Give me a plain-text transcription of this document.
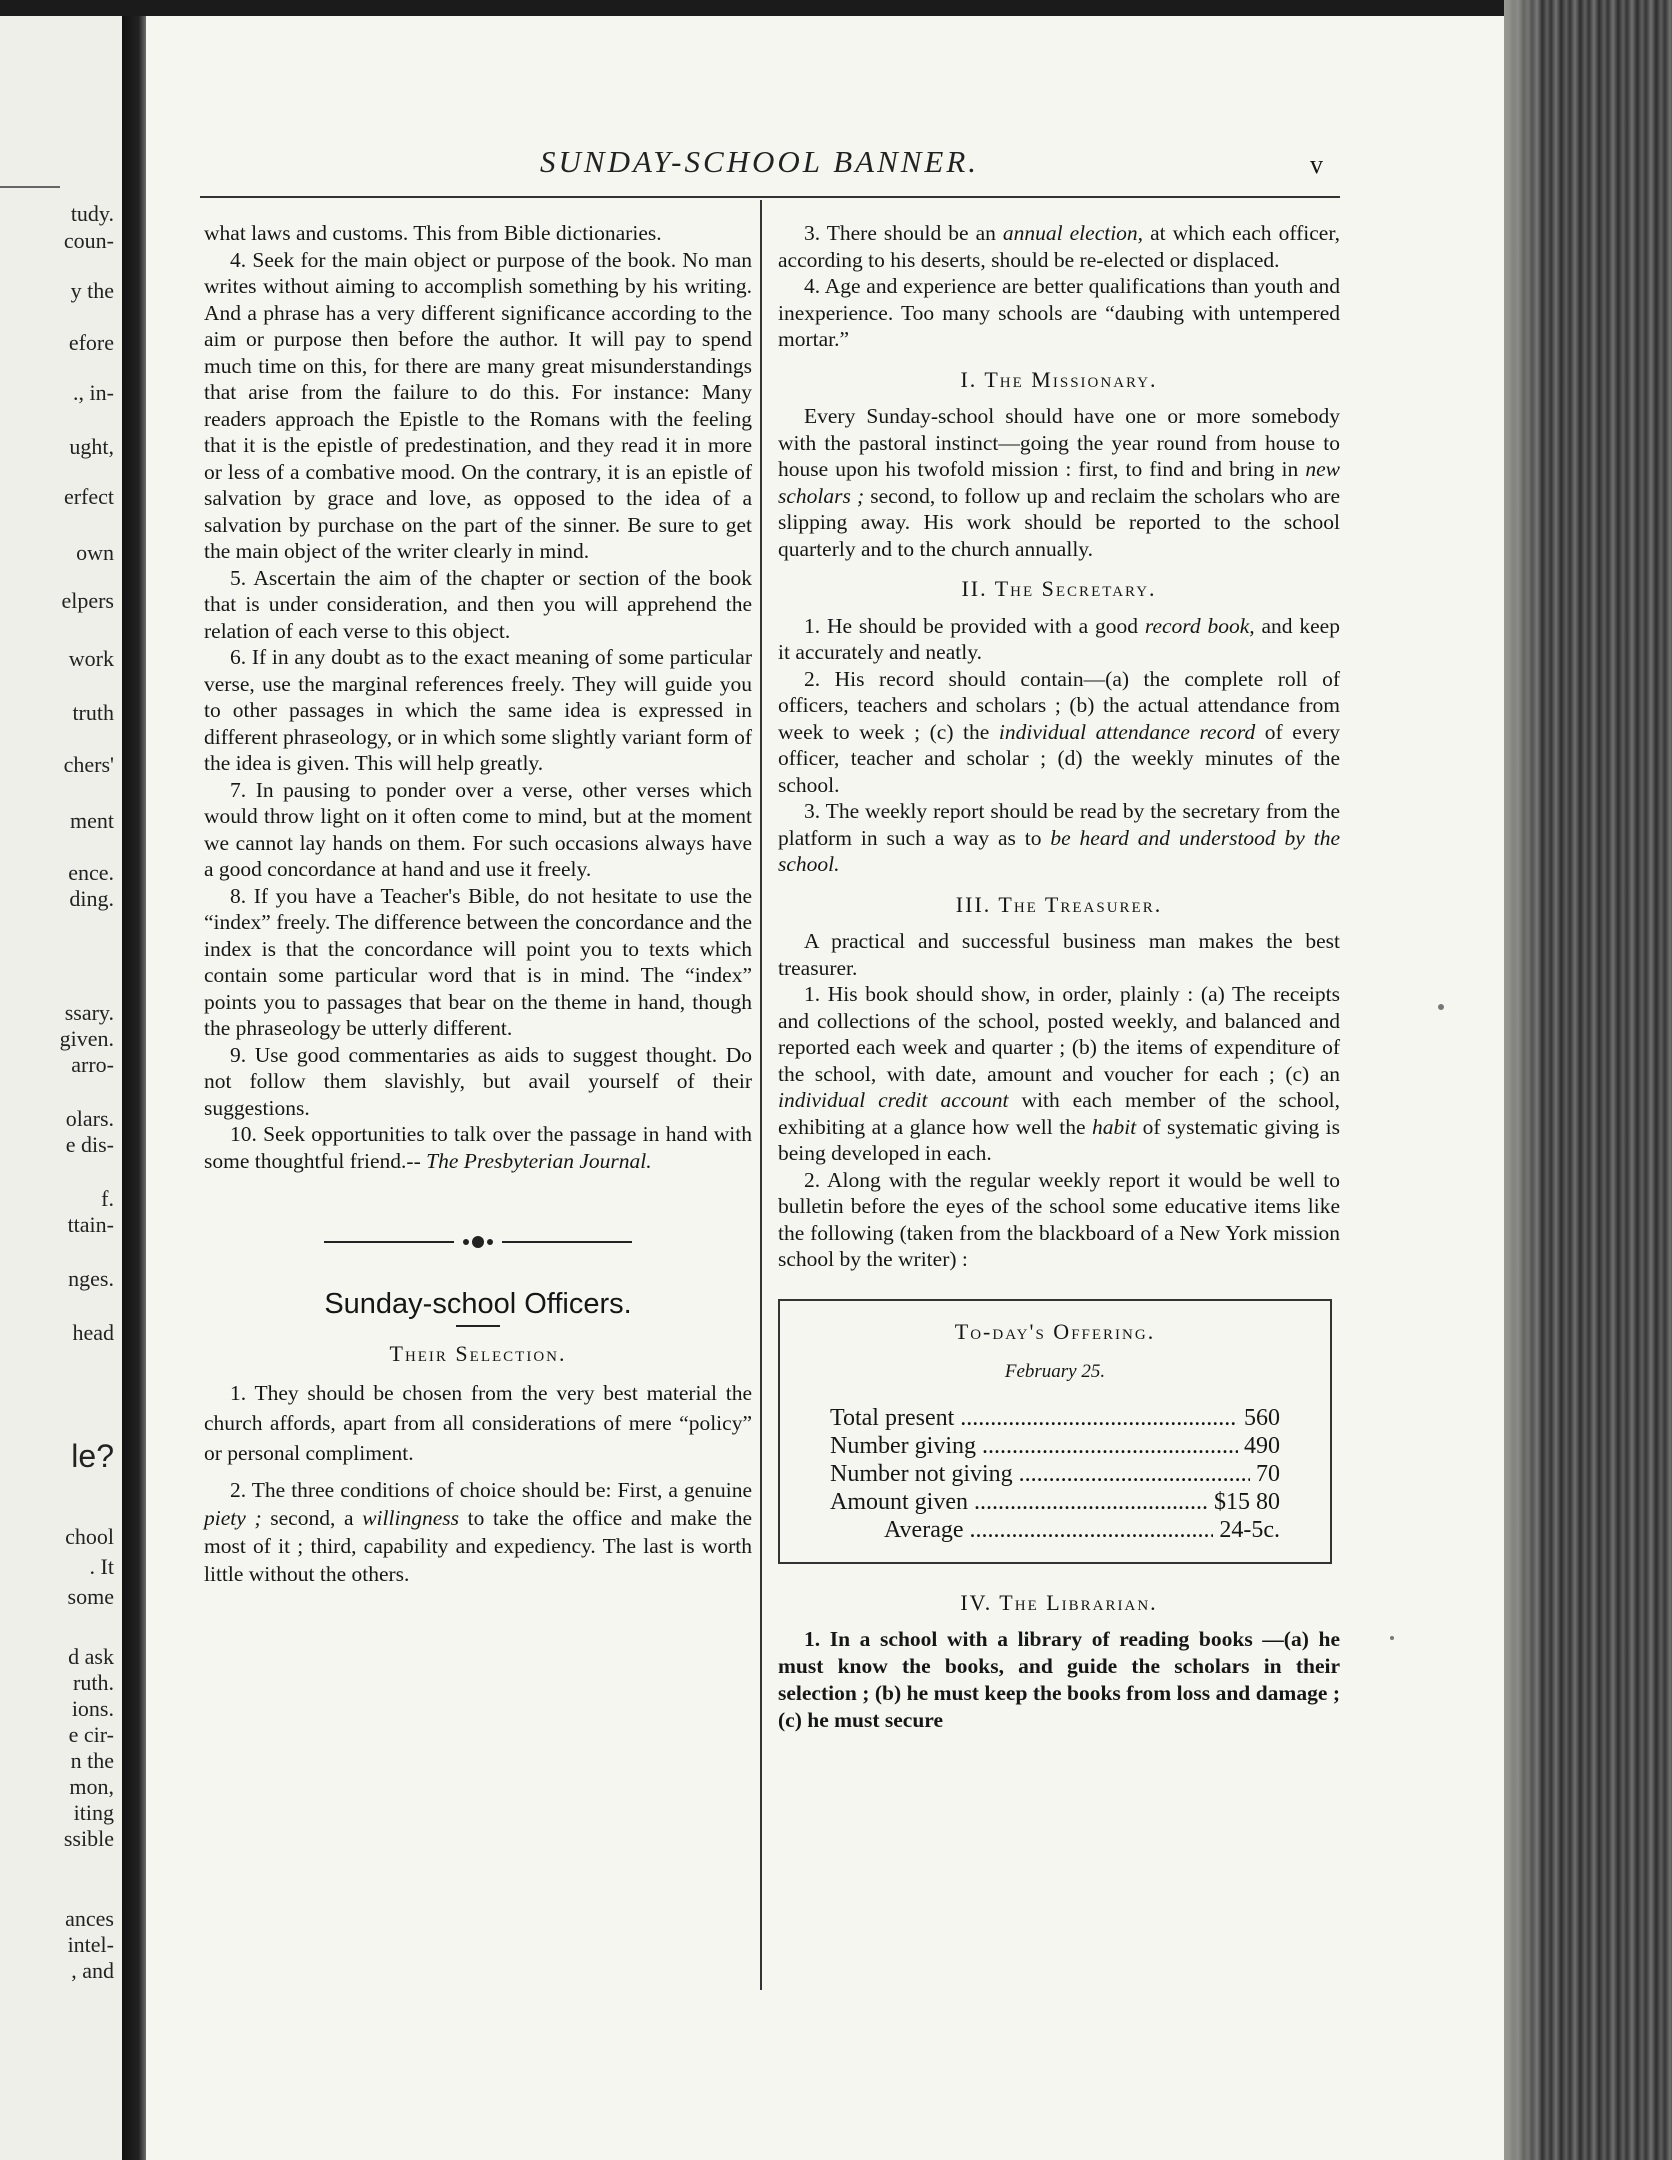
tudy.
coun-
y the
efore
., in-
ught,
erfect
own
elpers
work
truth
chers'
ment
ence.
ding.
ssary.
given.
arro-
olars.
e dis-
f.
ttain-
nges.
head
le?
chool
. It
some
d ask
ruth.
ions.
e cir-
n the
mon,
iting
ssible
ances
intel-
, and
SUNDAY-SCHOOL BANNER.	v

what laws and customs. This from Bible dictionaries.

4. Seek for the main object or purpose of the book. No man writes without aiming to accomplish something by his writing. And a phrase has a very different significance according to the aim or purpose then before the author. It will pay to spend much time on this, for there are many great misunderstandings that arise from the failure to do this. For instance: Many readers approach the Epistle to the Romans with the feeling that it is the epistle of predestination, and they read it in more or less of a combative mood. On the contrary, it is an epistle of salvation by grace and love, as opposed to the idea of a salvation by purchase on the part of the sinner. Be sure to get the main object of the writer clearly in mind.

5. Ascertain the aim of the chapter or section of the book that is under consideration, and then you will apprehend the relation of each verse to this object.

6. If in any doubt as to the exact meaning of some particular verse, use the marginal references freely. They will guide you to other passages in which the same idea is expressed in different phraseology, or in which some slightly variant form of the idea is given. This will help greatly.

7. In pausing to ponder over a verse, other verses which would throw light on it often come to mind, but at the moment we cannot lay hands on them. For such occasions always have a good concordance at hand and use it freely.

8. If you have a Teacher's Bible, do not hesitate to use the “index” freely. The difference between the concordance and the index is that the concordance will point you to texts which contain some particular word that is in mind. The “index” points you to passages that bear on the theme in hand, though the phraseology be utterly different.

9. Use good commentaries as aids to suggest thought. Do not follow them slavishly, but avail yourself of their suggestions.

10. Seek opportunities to talk over the passage in hand with some thoughtful friend.-- The Presbyterian Journal.

Sunday-school Officers.
Their Selection.

1. They should be chosen from the very best material the church affords, apart from all considerations of mere “policy” or personal compliment.

2. The three conditions of choice should be: First, a genuine piety ; second, a willingness to take the office and make the most of it ; third, capability and expediency. The last is worth little without the others.

3. There should be an annual election, at which each officer, according to his deserts, should be re-elected or displaced.

4. Age and experience are better qualifications than youth and inexperience. Too many schools are “daubing with untempered mortar.”

I. The Missionary.

Every Sunday-school should have one or more somebody with the pastoral instinct—going the year round from house to house upon his twofold mission : first, to find and bring in new scholars ; second, to follow up and reclaim the scholars who are slipping away. His work should be reported to the school quarterly and to the church annually.

II. The Secretary.

1. He should be provided with a good record book, and keep it accurately and neatly.

2. His record should contain—(a) the complete roll of officers, teachers and scholars ; (b) the actual attendance from week to week ; (c) the individual attendance record of every officer, teacher and scholar ; (d) the weekly minutes of the school.

3. The weekly report should be read by the secretary from the platform in such a way as to be heard and understood by the school.

III. The Treasurer.

A practical and successful business man makes the best treasurer.

1. His book should show, in order, plainly : (a) The receipts and collections of the school, posted weekly, and balanced and reported each week and quarter ; (b) the items of expenditure of the school, with date, amount and voucher for each ; (c) an individual credit account with each member of the school, exhibiting at a glance how well the habit of systematic giving is being developed in each.

2. Along with the regular weekly report it would be well to bulletin before the eyes of the school some educative items like the following (taken from the blackboard of a New York mission school by the writer) :

To-day's Offering.
February 25.
Total present .....	560
Number giving .....	490
Number not giving .....	70
Amount given .....	$15 80
Average .....	24-5c.
IV. The Librarian.

1. In a school with a library of reading books —(a) he must know the books, and guide the scholars in their selection ; (b) he must keep the books from loss and damage ; (c) he must secure
